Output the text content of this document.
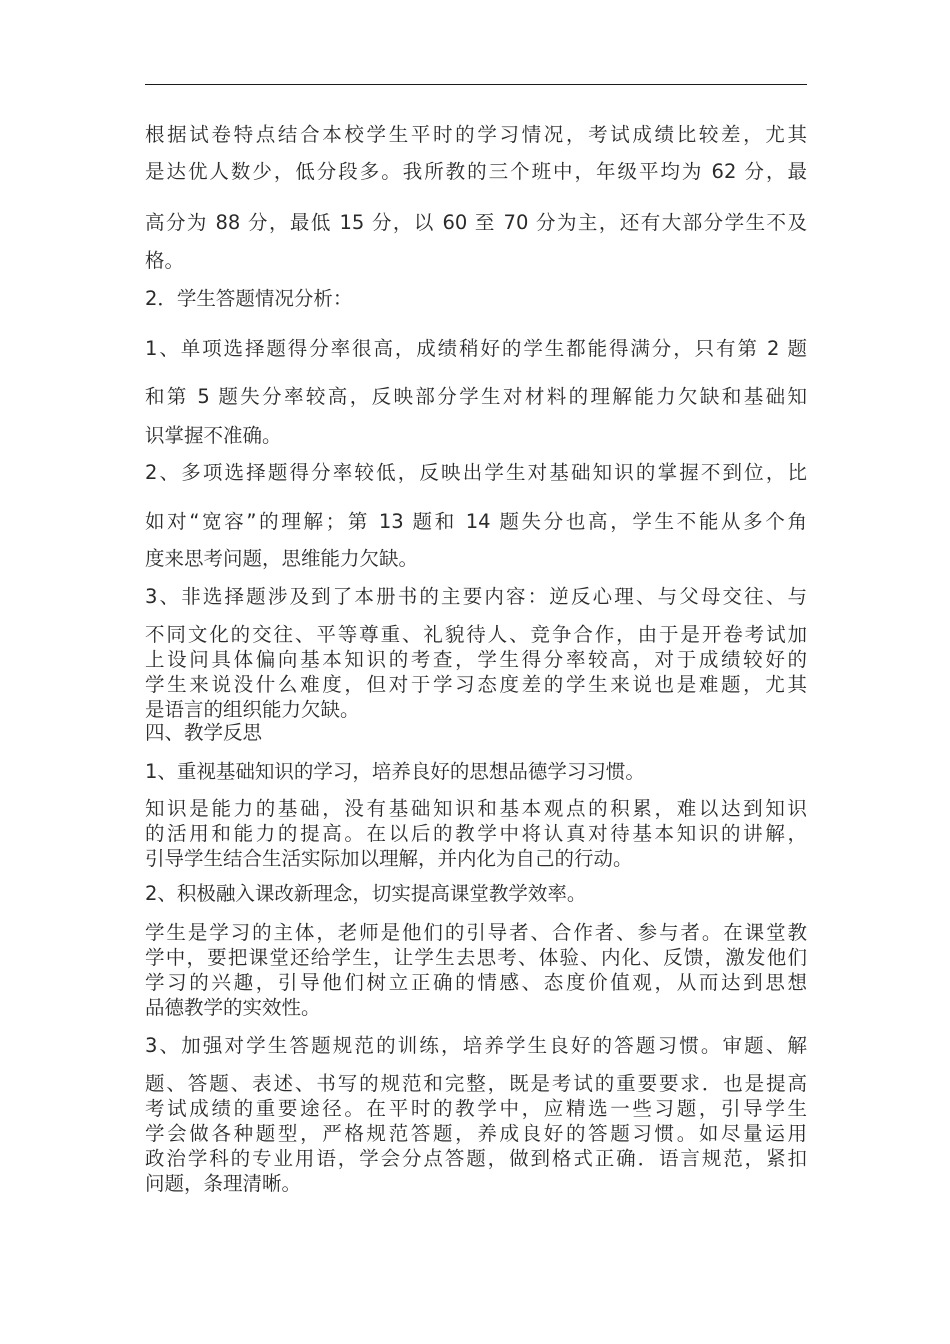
根据试卷特点结合本校学生平时的学习情况，考试成绩比较差，尤其
是达优人数少，低分段多。我所教的三个班中，年级平均为 62 分，最
高分为 88 分，最低 15 分，以 60 至 70 分为主，还有大部分学生不及
格。
2．学生答题情况分析：
1、单项选择题得分率很高，成绩稍好的学生都能得满分，只有第 2 题
和第 5 题失分率较高，反映部分学生对材料的理解能力欠缺和基础知
识掌握不准确。
2、多项选择题得分率较低，反映出学生对基础知识的掌握不到位，比
如对“宽容”的理解；第 13 题和 14 题失分也高，学生不能从多个角
度来思考问题，思维能力欠缺。
3、非选择题涉及到了本册书的主要内容：逆反心理、与父母交往、与
不同文化的交往、平等尊重、礼貌待人、竞争合作，由于是开卷考试加
上设问具体偏向基本知识的考查，学生得分率较高，对于成绩较好的
学生来说没什么难度，但对于学习态度差的学生来说也是难题，尤其
是语言的组织能力欠缺。
四、教学反思
1、重视基础知识的学习，培养良好的思想品德学习习惯。
知识是能力的基础，没有基础知识和基本观点的积累，难以达到知识
的活用和能力的提高。在以后的教学中将认真对待基本知识的讲解，
引导学生结合生活实际加以理解，并内化为自己的行动。
2、积极融入课改新理念，切实提高课堂教学效率。
学生是学习的主体，老师是他们的引导者、合作者、参与者。在课堂教
学中，要把课堂还给学生，让学生去思考、体验、内化、反馈，激发他们
学习的兴趣，引导他们树立正确的情感、态度价值观，从而达到思想
品德教学的实效性。
3、加强对学生答题规范的训练，培养学生良好的答题习惯。审题、解
题、答题、表述、书写的规范和完整，既是考试的重要要求．也是提高
考试成绩的重要途径。在平时的教学中，应精选一些习题，引导学生
学会做各种题型，严格规范答题，养成良好的答题习惯。如尽量运用
政治学科的专业用语，学会分点答题，做到格式正确．语言规范，紧扣
问题，条理清晰。
